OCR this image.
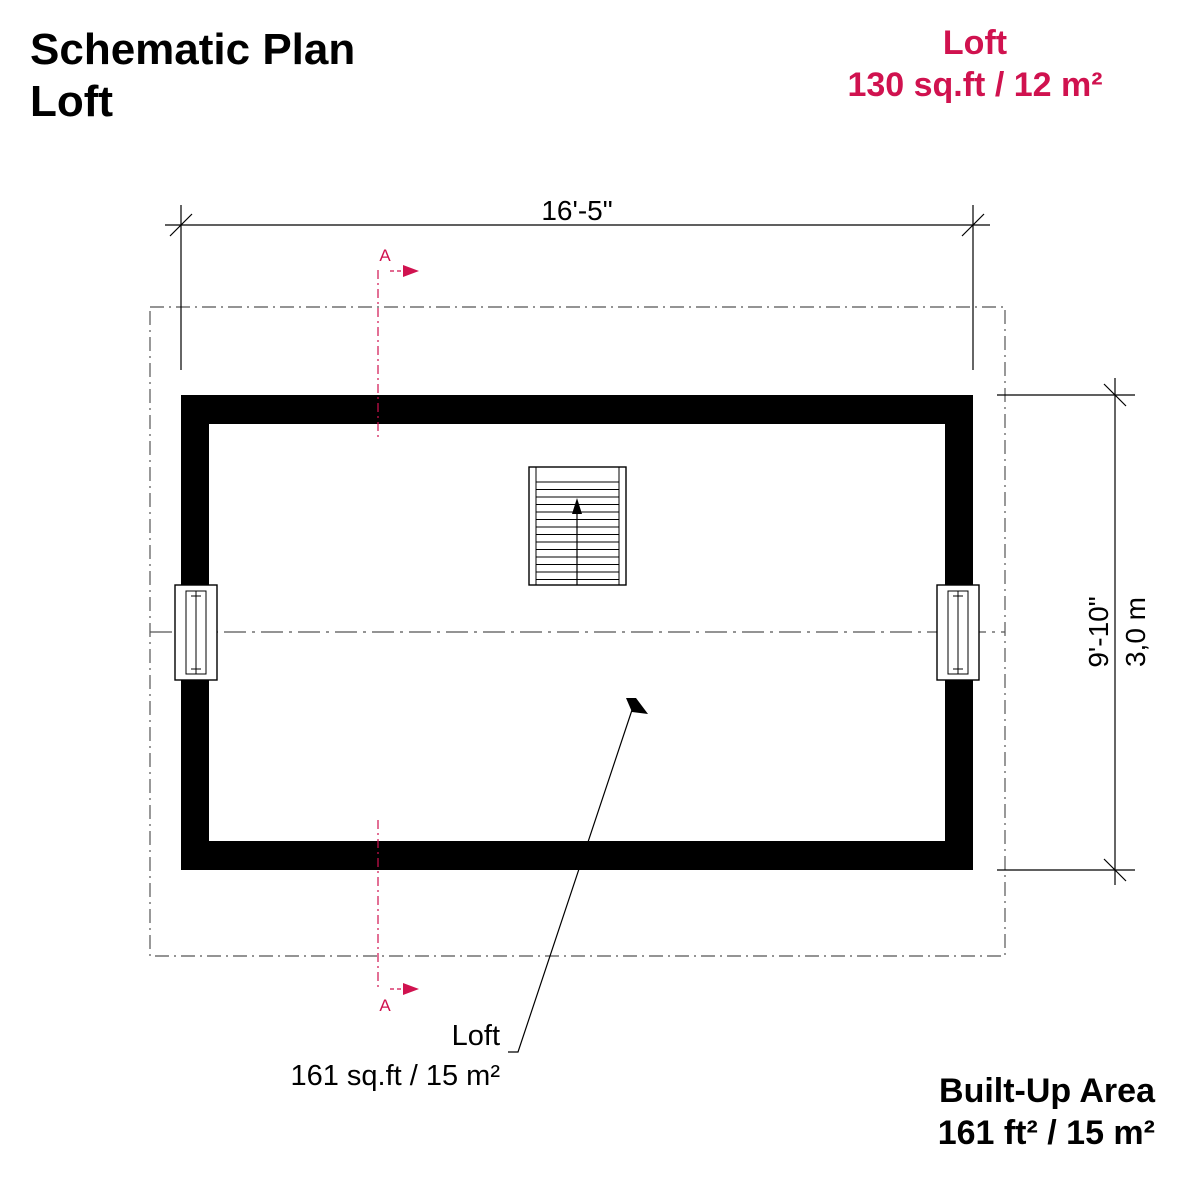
Schematic Plan
Loft
Loft
130 sq.ft / 12 m²
16'-5"
9'-10" 3,0 m
A
A
Loft
161 sq.ft / 15 m²	Built-Up Area
161 ft² / 15 m²
